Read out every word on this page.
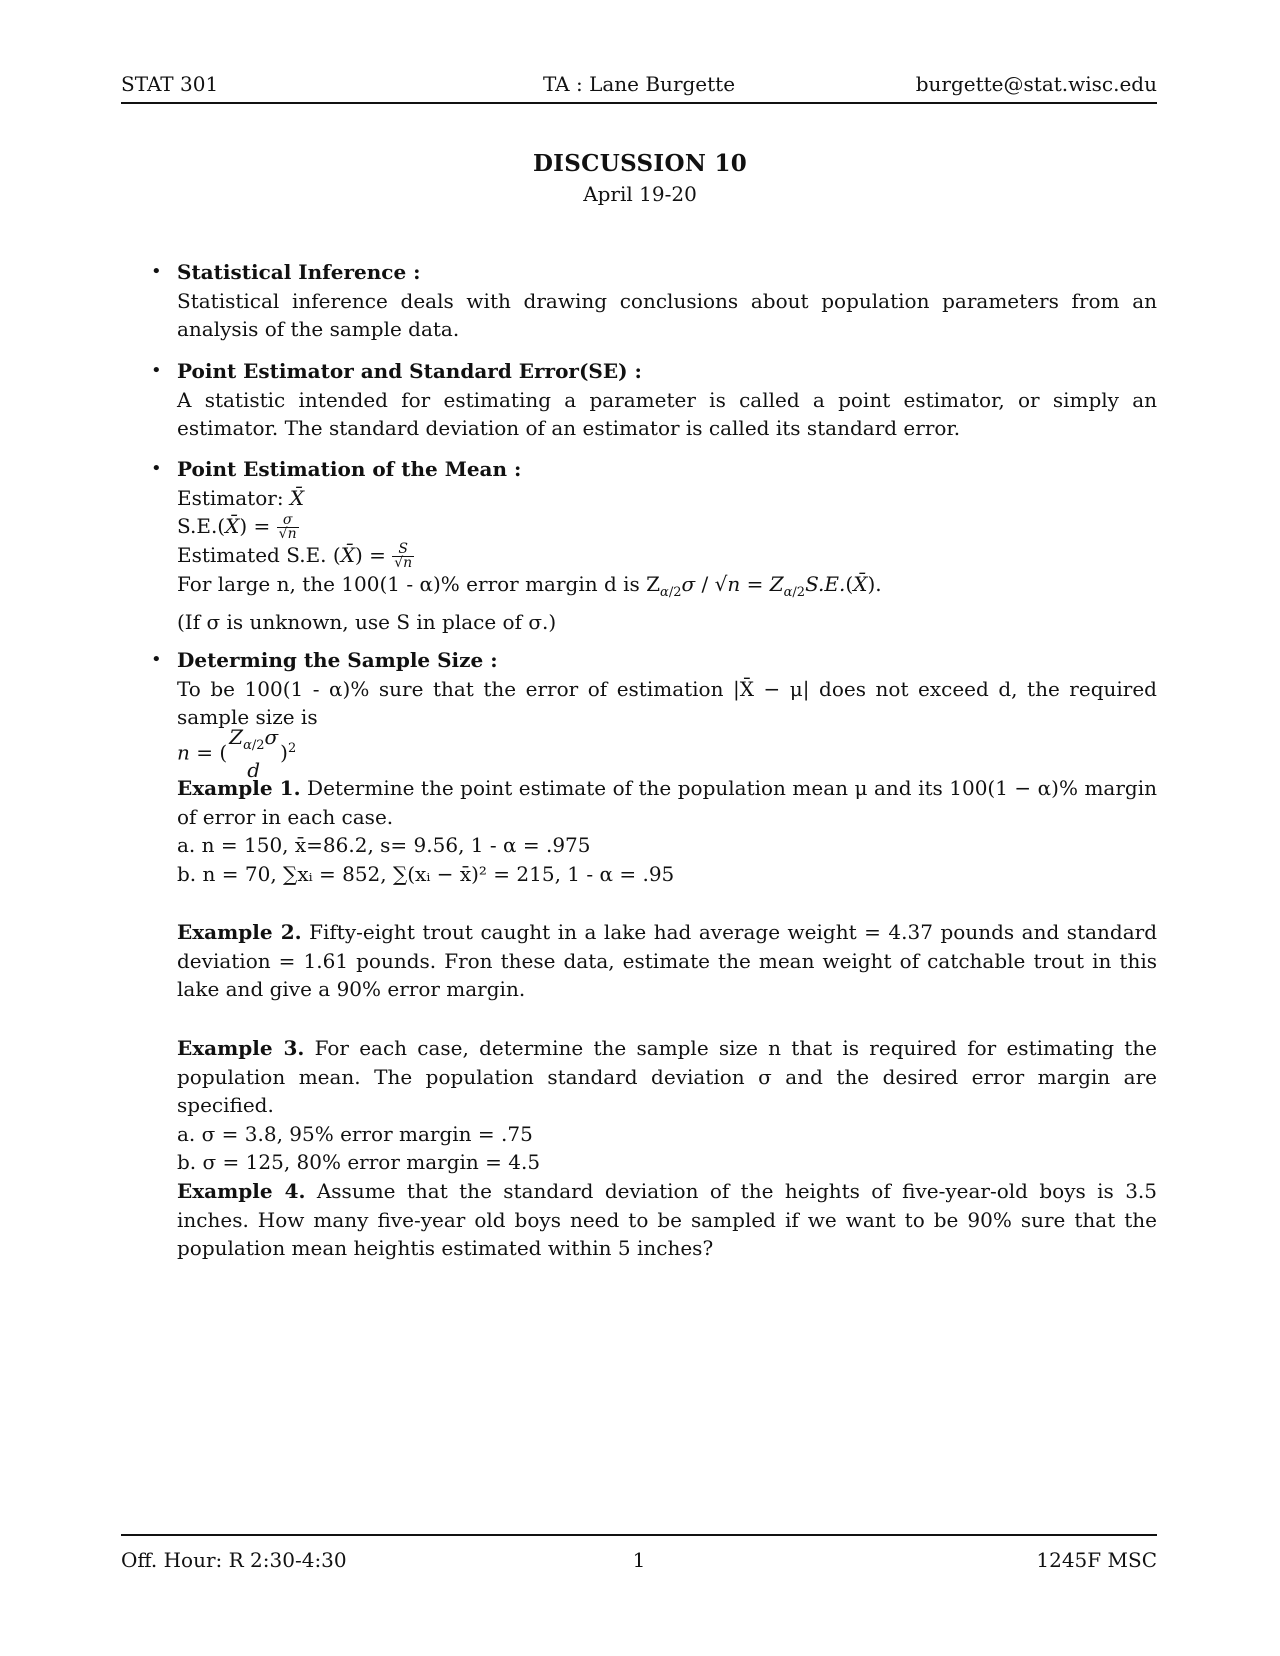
STAT 301	TA : Lane Burgette	burgette@stat.wisc.edu
DISCUSSION 10
April 19-20
• Statistical Inference :
Statistical inference deals with drawing conclusions about population parameters from an analysis of the sample data.
• Point Estimator and Standard Error(SE) :
A statistic intended for estimating a parameter is called a point estimator, or simply an estimator. The standard deviation of an estimator is called its standard error.
• Point Estimation of the Mean :
Estimator: X̄
S.E.(X̄) = $\frac{\sigma}{√n}$
Estimated S.E. (X̄) = $\frac{S}{√n}$
For large n, the 100(1 - α)% error margin d is $Z_{\alpha/2}\sigma / √n$ = $Z_{\alpha/2}S.E.(X̄)$.
(If σ is unknown, use S in place of σ.)
• Determing the Sample Size :
To be 100(1 - α)% sure that the error of estimation |X̄ − μ| does not exceed d, the required sample size is
n = (
$Z_{\alpha/2}\sigma$
d
)$^2$
Example 1. Determine the point estimate of the population mean μ and its 100(1 − α)% margin of error in each case.
a. n = 150, x̄=86.2, s= 9.56, 1 - α = .975
b. n = 70, ∑xᵢ = 852, ∑(xᵢ − x̄)² = 215, 1 - α = .95
Example 2. Fifty-eight trout caught in a lake had average weight = 4.37 pounds and standard deviation = 1.61 pounds. Fron these data, estimate the mean weight of catchable trout in this lake and give a 90% error margin.
Example 3. For each case, determine the sample size n that is required for estimating the population mean. The population standard deviation σ and the desired error margin are specified.
a. σ = 3.8, 95% error margin = .75
b. σ = 125, 80% error margin = 4.5
Example 4. Assume that the standard deviation of the heights of five-year-old boys is 3.5 inches. How many five-year old boys need to be sampled if we want to be 90% sure that the population mean heightis estimated within 5 inches?
Off. Hour: R 2:30-4:30	1	1245F MSC
